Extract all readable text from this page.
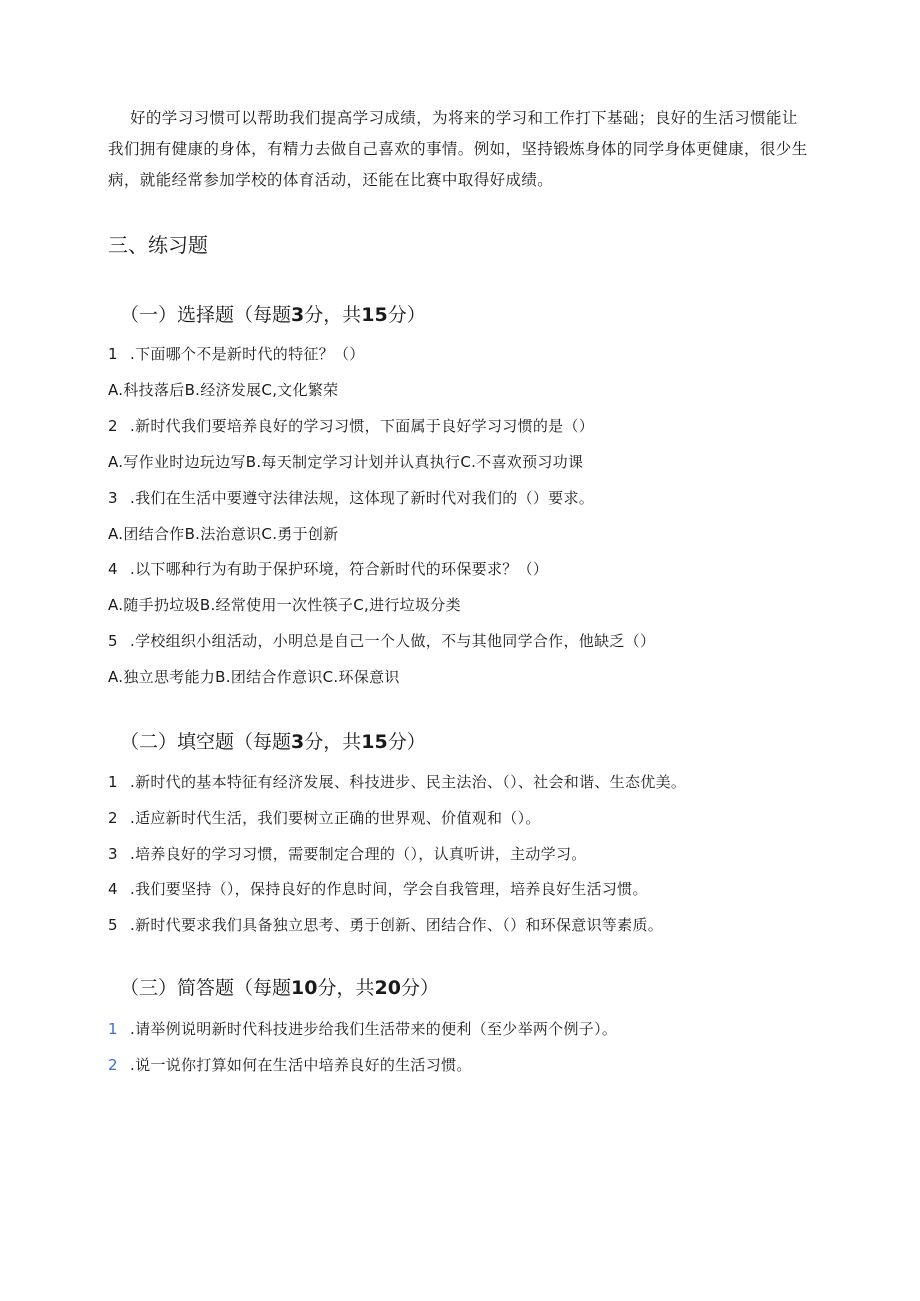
好的学习习惯可以帮助我们提高学习成绩，为将来的学习和工作打下基础；良好的生活习惯能让我们拥有健康的身体，有精力去做自己喜欢的事情。例如，坚持锻炼身体的同学身体更健康，很少生病，就能经常参加学校的体育活动，还能在比赛中取得好成绩。

三、练习题
（一）选择题（每题3分，共15分）
1 .下面哪个不是新时代的特征？（）
A.科技落后B.经济发展C,文化繁荣
2 .新时代我们要培养良好的学习习惯，下面属于良好学习习惯的是（）
A.写作业时边玩边写B.每天制定学习计划并认真执行C.不喜欢预习功课
3 .我们在生活中要遵守法律法规，这体现了新时代对我们的（）要求。
A.团结合作B.法治意识C.勇于创新
4 .以下哪种行为有助于保护环境，符合新时代的环保要求？（）
A.随手扔垃圾B.经常使用一次性筷子C,进行垃圾分类
5 .学校组织小组活动，小明总是自己一个人做，不与其他同学合作，他缺乏（）
A.独立思考能力B.团结合作意识C.环保意识
（二）填空题（每题3分，共15分）
1 .新时代的基本特征有经济发展、科技进步、民主法治、（）、社会和谐、生态优美。
2 .适应新时代生活，我们要树立正确的世界观、价值观和（）。
3 .培养良好的学习习惯，需要制定合理的（），认真听讲，主动学习。
4 .我们要坚持（），保持良好的作息时间，学会自我管理，培养良好生活习惯。
5 .新时代要求我们具备独立思考、勇于创新、团结合作、（）和环保意识等素质。
（三）简答题（每题10分，共20分）
1 .请举例说明新时代科技进步给我们生活带来的便利（至少举两个例子）。
2 .说一说你打算如何在生活中培养良好的生活习惯。
